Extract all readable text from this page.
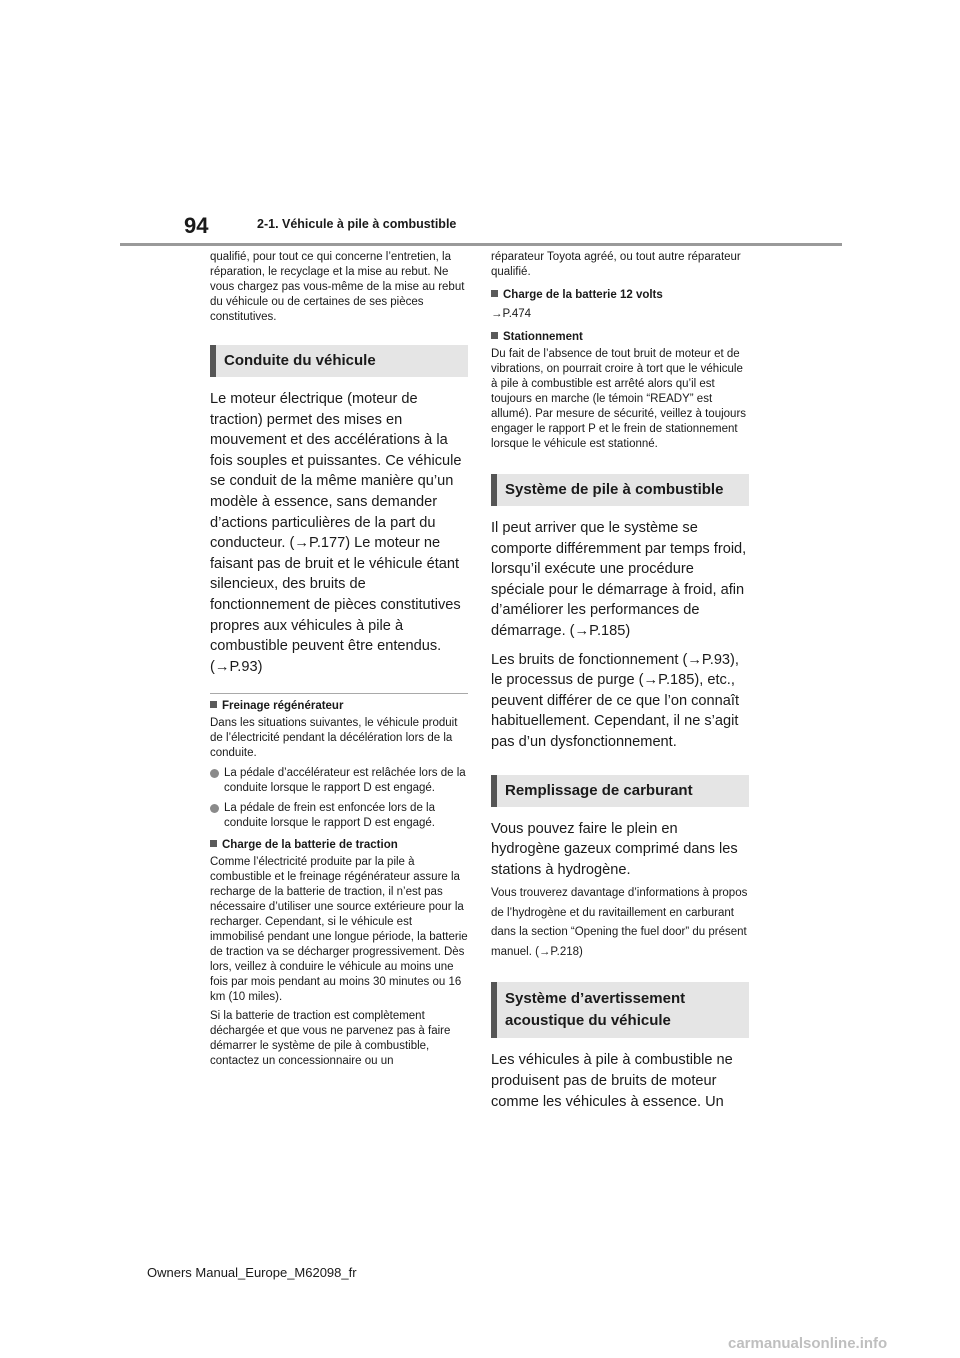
94	2-1. Véhicule à pile à combustible

qualifié, pour tout ce qui concerne l’entretien, la réparation, le recyclage et la mise au rebut. Ne vous chargez pas vous-même de la mise au rebut du véhicule ou de certaines de ses pièces constitutives.

Conduite du véhicule

Le moteur électrique (moteur de traction) permet des mises en mouvement et des accélérations à la fois souples et puissantes. Ce véhicule se conduit de la même manière qu’un modèle à essence, sans demander d’actions particulières de la part du conducteur. (→P.177) Le moteur ne faisant pas de bruit et le véhicule étant silencieux, des bruits de fonctionnement de pièces constitutives propres aux véhicules à pile à combustible peuvent être entendus. (→P.93)

Freinage régénérateur

Dans les situations suivantes, le véhicule produit de l’électricité pendant la décélération lors de la conduite.

La pédale d’accélérateur est relâchée lors de la conduite lorsque le rapport D est engagé.

La pédale de frein est enfoncée lors de la conduite lorsque le rapport D est engagé.

Charge de la batterie de traction

Comme l’électricité produite par la pile à combustible et le freinage régénérateur assure la recharge de la batterie de traction, il n’est pas nécessaire d’utiliser une source extérieure pour la recharger. Cependant, si le véhicule est immobilisé pendant une longue période, la batterie de traction va se décharger progressivement. Dès lors, veillez à conduire le véhicule au moins une fois par mois pendant au moins 30 minutes ou 16 km (10 miles).

Si la batterie de traction est complètement déchargée et que vous ne parvenez pas à faire démarrer le système de pile à combustible, contactez un concessionnaire ou un

réparateur Toyota agréé, ou tout autre réparateur qualifié.

Charge de la batterie 12 volts

→P.474

Stationnement

Du fait de l’absence de tout bruit de moteur et de vibrations, on pourrait croire à tort que le véhicule à pile à combustible est arrêté alors qu’il est toujours en marche (le témoin “READY” est allumé). Par mesure de sécurité, veillez à toujours engager le rapport P et le frein de stationnement lorsque le véhicule est stationné.

Système de pile à combustible

Il peut arriver que le système se comporte différemment par temps froid, lorsqu’il exécute une procédure spéciale pour le démarrage à froid, afin d’améliorer les performances de démarrage. (→P.185)

Les bruits de fonctionnement (→P.93), le processus de purge (→P.185), etc., peuvent différer de ce que l’on connaît habituellement. Cependant, il ne s’agit pas d’un dysfonctionnement.

Remplissage de carburant

Vous pouvez faire le plein en hydrogène gazeux comprimé dans les stations à hydrogène.

Vous trouverez davantage d’informations à propos de l’hydrogène et du ravitaillement en carburant dans la section “Opening the fuel door” du présent manuel. (→P.218)

Système d’avertissement acoustique du véhicule

Les véhicules à pile à combustible ne produisent pas de bruits de moteur comme les véhicules à essence. Un

Owners Manual_Europe_M62098_fr
carmanualsonline.info
